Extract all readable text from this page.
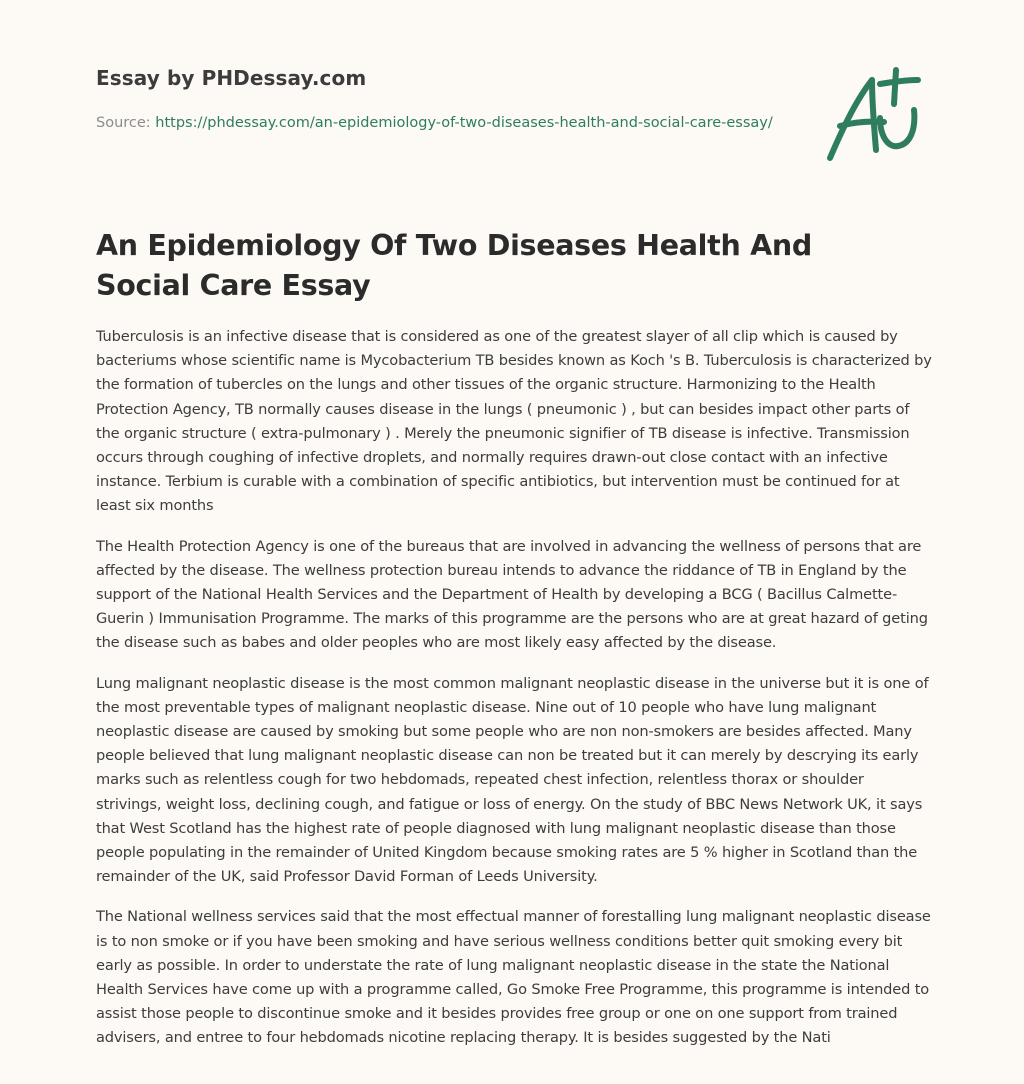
Essay by PHDessay.com
Source: https://phdessay.com/an-epidemiology-of-two-diseases-health-and-social-care-essay/
An Epidemiology Of Two Diseases Health And Social Care Essay

Tuberculosis is an infective disease that is considered as one of the greatest slayer of all clip which is caused by bacteriums whose scientific name is Mycobacterium TB besides known as Koch 's B. Tuberculosis is characterized by the formation of tubercles on the lungs and other tissues of the organic structure. Harmonizing to the Health Protection Agency, TB normally causes disease in the lungs ( pneumonic ) , but can besides impact other parts of the organic structure ( extra-pulmonary ) . Merely the pneumonic signifier of TB disease is infective. Transmission occurs through coughing of infective droplets, and normally requires drawn-out close contact with an infective instance. Terbium is curable with a combination of specific antibiotics, but intervention must be continued for at least six months

The Health Protection Agency is one of the bureaus that are involved in advancing the wellness of persons that are affected by the disease. The wellness protection bureau intends to advance the riddance of TB in England by the support of the National Health Services and the Department of Health by developing a BCG ( Bacillus Calmette-Guerin ) Immunisation Programme. The marks of this programme are the persons who are at great hazard of geting the disease such as babes and older peoples who are most likely easy affected by the disease.

Lung malignant neoplastic disease is the most common malignant neoplastic disease in the universe but it is one of the most preventable types of malignant neoplastic disease. Nine out of 10 people who have lung malignant neoplastic disease are caused by smoking but some people who are non non-smokers are besides affected. Many people believed that lung malignant neoplastic disease can non be treated but it can merely by descrying its early marks such as relentless cough for two hebdomads, repeated chest infection, relentless thorax or shoulder strivings, weight loss, declining cough, and fatigue or loss of energy. On the study of BBC News Network UK, it says that West Scotland has the highest rate of people diagnosed with lung malignant neoplastic disease than those people populating in the remainder of United Kingdom because smoking rates are 5 % higher in Scotland than the remainder of the UK, said Professor David Forman of Leeds University.

The National wellness services said that the most effectual manner of forestalling lung malignant neoplastic disease is to non smoke or if you have been smoking and have serious wellness conditions better quit smoking every bit early as possible. In order to understate the rate of lung malignant neoplastic disease in the state the National Health Services have come up with a programme called, Go Smoke Free Programme, this programme is intended to assist those people to discontinue smoke and it besides provides free group or one on one support from trained advisers, and entree to four hebdomads nicotine replacing therapy. It is besides suggested by the Nati
